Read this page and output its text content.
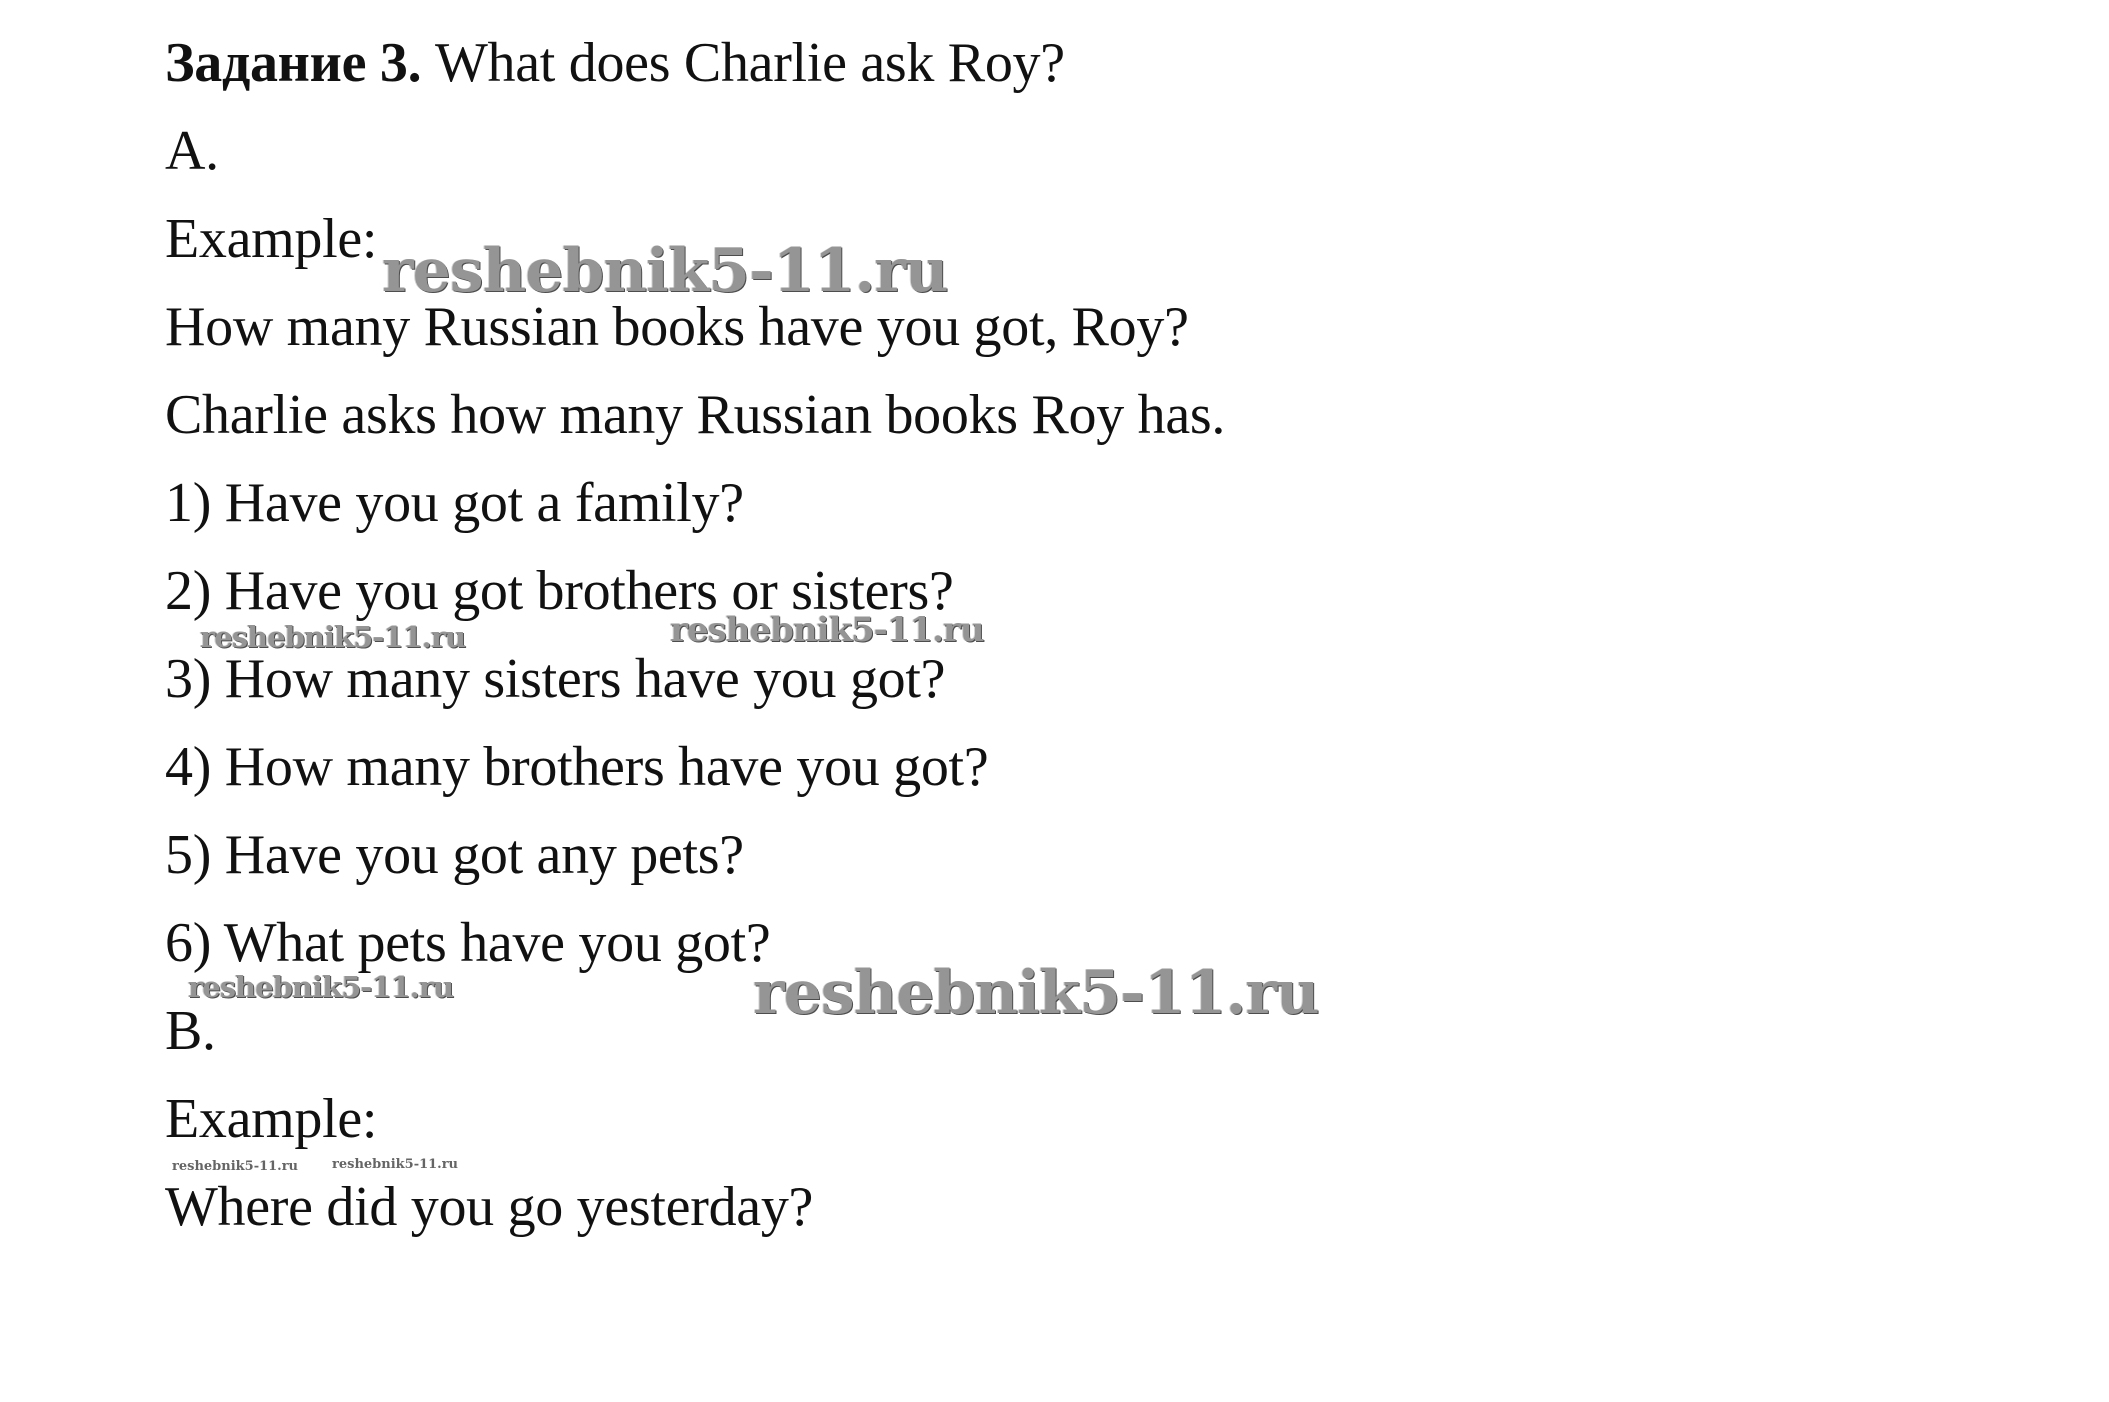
Задание 3. What does Charlie ask Roy?
A.
Example:
How many Russian books have you got, Roy?
Charlie asks how many Russian books Roy has.
1) Have you got a family?
2) Have you got brothers or sisters?
3) How many sisters have you got?
4) How many brothers have you got?
5) Have you got any pets?
6) What pets have you got?
B.
Example:
Where did you go yesterday?
reshebnik5-11.ru
reshebnik5-11.ru	reshebnik5-11.ru
reshebnik5-11.ru	reshebnik5-11.ru
reshebnik5-11.ru	reshebnik5-11.ru
